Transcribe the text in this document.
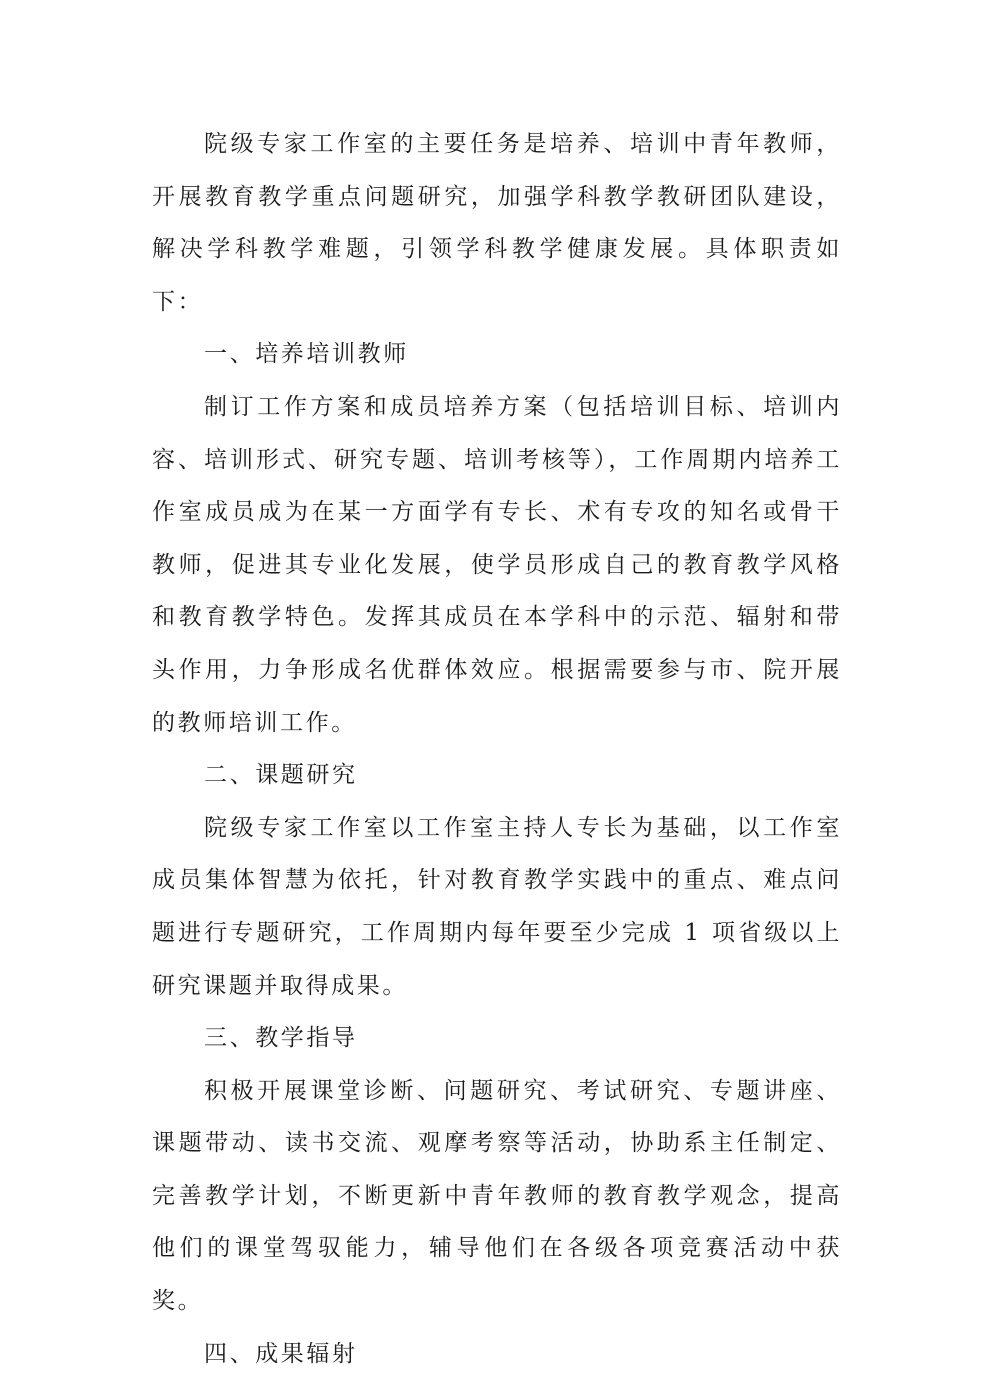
院级专家工作室的主要任务是培养、培训中青年教师，开展教育教学重点问题研究，加强学科教学教研团队建设，解决学科教学难题，引领学科教学健康发展。具体职责如下：

一、培养培训教师

制订工作方案和成员培养方案（包括培训目标、培训内容、培训形式、研究专题、培训考核等），工作周期内培养工作室成员成为在某一方面学有专长、术有专攻的知名或骨干教师，促进其专业化发展，使学员形成自己的教育教学风格和教育教学特色。发挥其成员在本学科中的示范、辐射和带头作用，力争形成名优群体效应。根据需要参与市、院开展的教师培训工作。

二、课题研究

院级专家工作室以工作室主持人专长为基础，以工作室成员集体智慧为依托，针对教育教学实践中的重点、难点问题进行专题研究，工作周期内每年要至少完成 1 项省级以上研究课题并取得成果。

三、教学指导

积极开展课堂诊断、问题研究、考试研究、专题讲座、课题带动、读书交流、观摩考察等活动，协助系主任制定、完善教学计划，不断更新中青年教师的教育教学观念，提高他们的课堂驾驭能力，辅导他们在各级各项竞赛活动中获奖。

四、成果辐射
